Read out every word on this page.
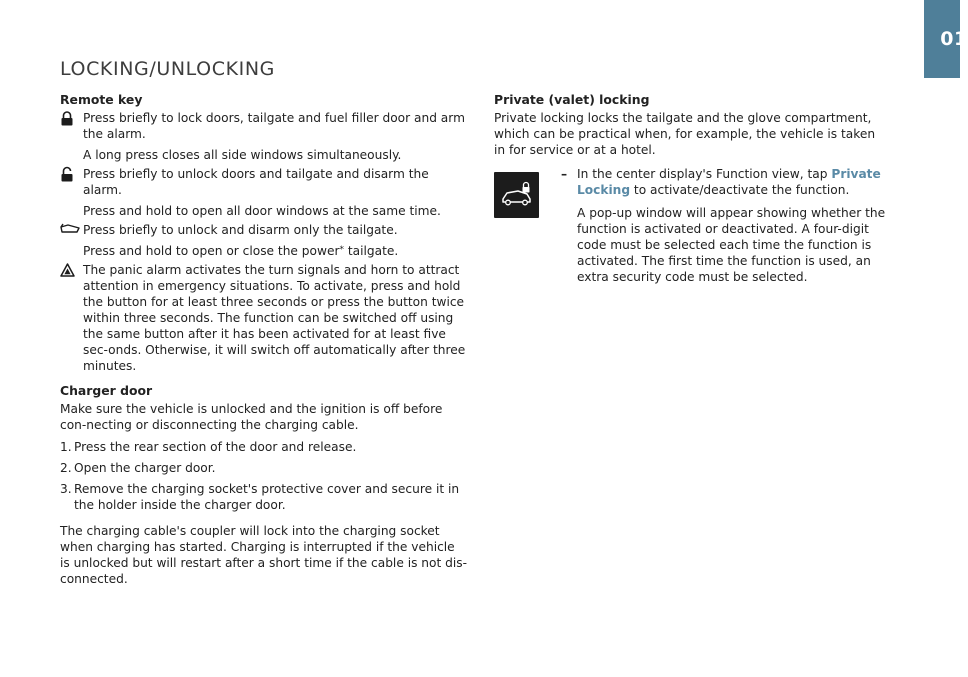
01
LOCKING/UNLOCKING
Remote key

Press briefly to lock doors, tailgate and fuel filler door and arm the alarm.

A long press closes all side windows simultaneously.

Press briefly to unlock doors and tailgate and disarm the alarm.

Press and hold to open all door windows at the same time.

Press briefly to unlock and disarm only the tailgate.

Press and hold to open or close the power* tailgate.

The panic alarm activates the turn signals and horn to attract attention in emergency situations. To activate, press and hold the button for at least three seconds or press the button twice within three seconds. The function can be switched off using the same button after it has been activated for at least five sec-onds. Otherwise, it will switch off automatically after three minutes.

Charger door

Make sure the vehicle is unlocked and the ignition is off before con-necting or disconnecting the charging cable.

1. Press the rear section of the door and release.
2. Open the charger door.
3. Remove the charging socket's protective cover and secure it in the holder inside the charger door.

The charging cable's coupler will lock into the charging socket when charging has started. Charging is interrupted if the vehicle is unlocked but will restart after a short time if the cable is not dis-connected.

Private (valet) locking

Private locking locks the tailgate and the glove compartment, which can be practical when, for example, the vehicle is taken in for service or at a hotel.

– In the center display's Function view, tap Private Locking to activate/deactivate the function.

A pop-up window will appear showing whether the function is activated or deactivated. A four-digit code must be selected each time the function is activated. The first time the function is used, an extra security code must be selected.
